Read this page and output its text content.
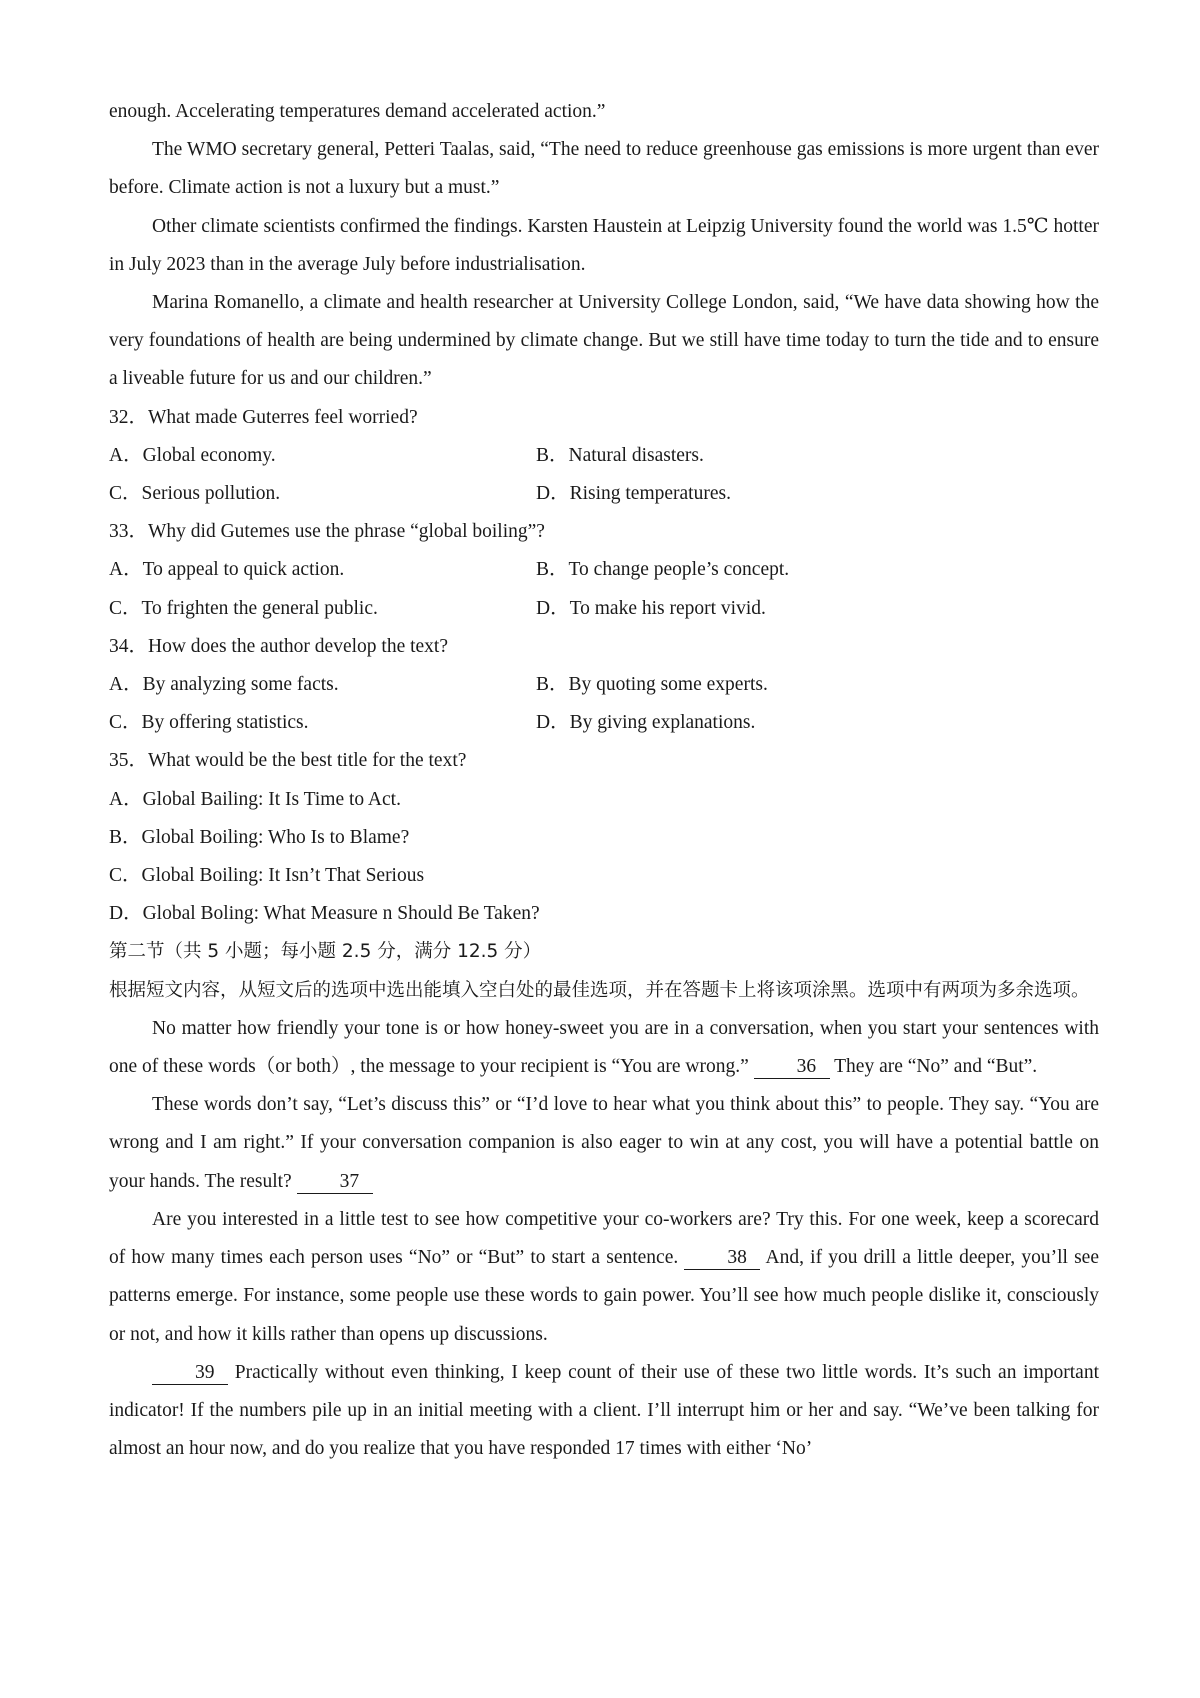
enough. Accelerating temperatures demand accelerated action.”
The WMO secretary general, Petteri Taalas, said, “The need to reduce greenhouse gas emissions is more urgent than ever before. Climate action is not a luxury but a must.”
Other climate scientists confirmed the findings. Karsten Haustein at Leipzig University found the world was 1.5℃ hotter in July 2023 than in the average July before industrialisation.
Marina Romanello, a climate and health researcher at University College London, said, “We have data showing how the very foundations of health are being undermined by climate change. But we still have time today to turn the tide and to ensure a liveable future for us and our children.”
32．What made Guterres feel worried?
A．Global economy.	B．Natural disasters.
C．Serious pollution.	D．Rising temperatures.
33．Why did Gutemes use the phrase “global boiling”?
A．To appeal to quick action.	B．To change people’s concept.
C．To frighten the general public.	D．To make his report vivid.
34．How does the author develop the text?
A．By analyzing some facts.	B．By quoting some experts.
C．By offering statistics.	D．By giving explanations.
35．What would be the best title for the text?
A．Global Bailing: It Is Time to Act.
B．Global Boiling: Who Is to Blame?
C．Global Boiling: It Isn’t That Serious
D．Global Boling: What Measure n Should Be Taken?
第二节（共 5 小题；每小题 2.5 分，满分 12.5 分）
根据短文内容，从短文后的选项中选出能填入空白处的最佳选项，并在答题卡上将该项涂黑。选项中有两项为多余选项。
No matter how friendly your tone is or how honey-sweet you are in a conversation, when you start your sentences with one of these words（or both）, the message to your recipient is “You are wrong.” 36 They are “No” and “But”.
These words don’t say, “Let’s discuss this” or “I’d love to hear what you think about this” to people. They say. “You are wrong and I am right.” If your conversation companion is also eager to win at any cost, you will have a potential battle on your hands. The result? 37
Are you interested in a little test to see how competitive your co-workers are? Try this. For one week, keep a scorecard of how many times each person uses “No” or “But” to start a sentence. 38 And, if you drill a little deeper, you’ll see patterns emerge. For instance, some people use these words to gain power. You’ll see how much people dislike it, consciously or not, and how it kills rather than opens up discussions.
39 Practically without even thinking, I keep count of their use of these two little words. It’s such an important indicator! If the numbers pile up in an initial meeting with a client. I’ll interrupt him or her and say. “We’ve been talking for almost an hour now, and do you realize that you have responded 17 times with either ‘No’
